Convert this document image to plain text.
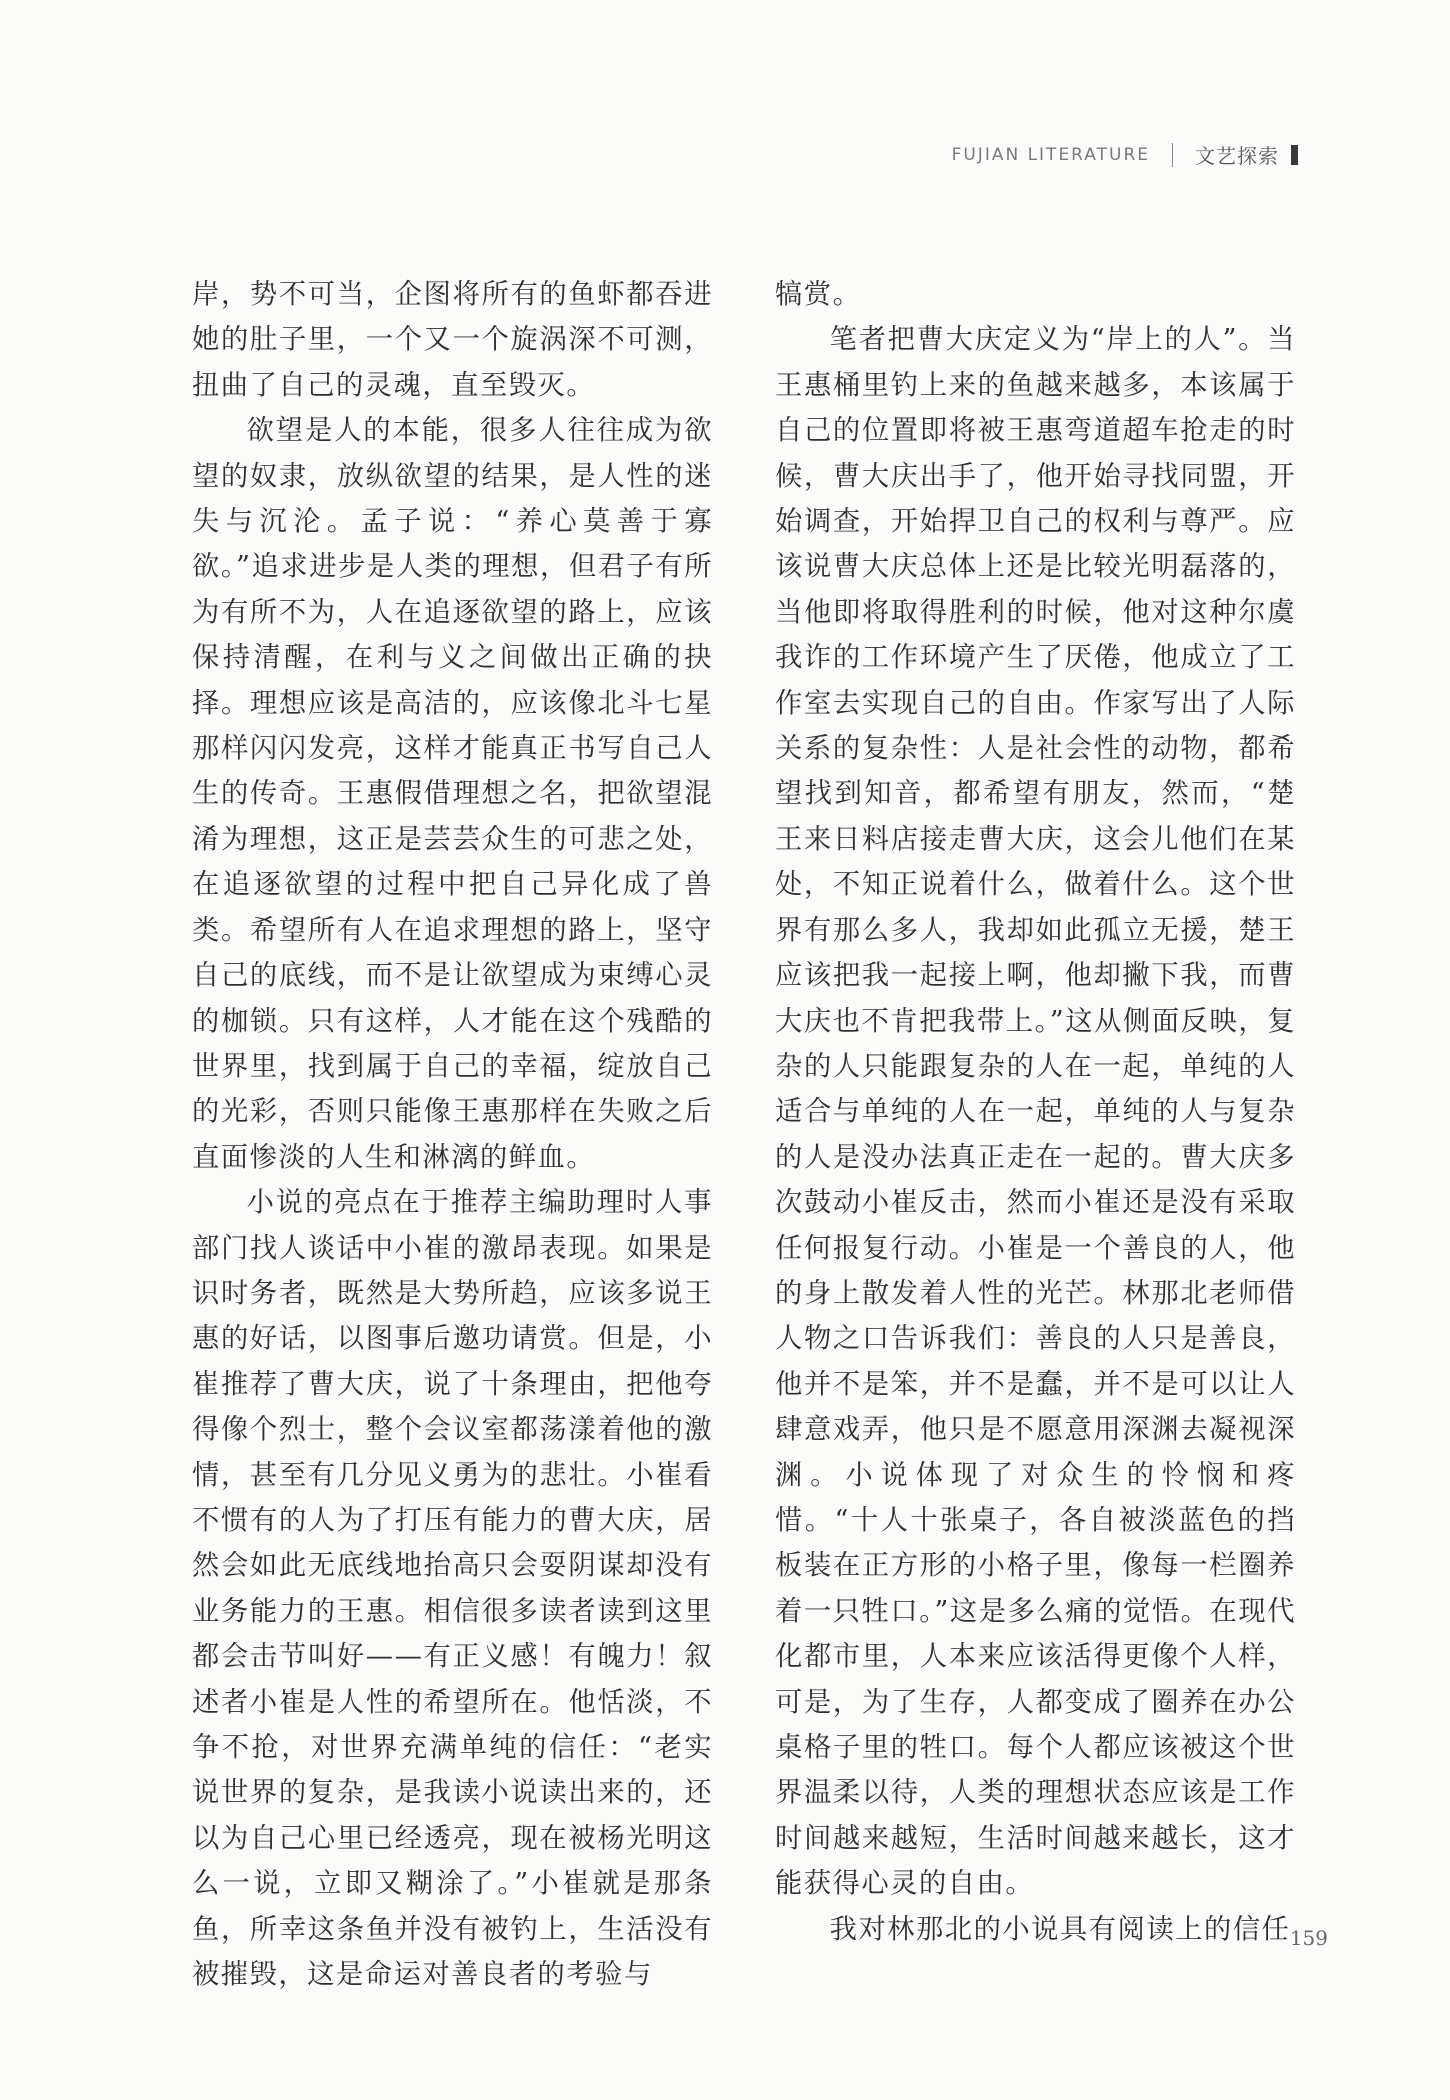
FUJIAN LITERATURE 文艺探索

岸，势不可当，企图将所有的鱼虾都吞进她的肚子里，一个又一个旋涡深不可测，扭曲了自己的灵魂，直至毁灭。

欲望是人的本能，很多人往往成为欲望的奴隶，放纵欲望的结果，是人性的迷失与沉沦。孟子说：“养心莫善于寡欲。”追求进步是人类的理想，但君子有所为有所不为，人在追逐欲望的路上，应该保持清醒，在利与义之间做出正确的抉择。理想应该是高洁的，应该像北斗七星那样闪闪发亮，这样才能真正书写自己人生的传奇。王惠假借理想之名，把欲望混淆为理想，这正是芸芸众生的可悲之处，在追逐欲望的过程中把自己异化成了兽类。希望所有人在追求理想的路上，坚守自己的底线，而不是让欲望成为束缚心灵的枷锁。只有这样，人才能在这个残酷的世界里，找到属于自己的幸福，绽放自己的光彩，否则只能像王惠那样在失败之后直面惨淡的人生和淋漓的鲜血。

小说的亮点在于推荐主编助理时人事部门找人谈话中小崔的激昂表现。如果是识时务者，既然是大势所趋，应该多说王惠的好话，以图事后邀功请赏。但是，小崔推荐了曹大庆，说了十条理由，把他夸得像个烈士，整个会议室都荡漾着他的激情，甚至有几分见义勇为的悲壮。小崔看不惯有的人为了打压有能力的曹大庆，居然会如此无底线地抬高只会耍阴谋却没有业务能力的王惠。相信很多读者读到这里都会击节叫好——有正义感！有魄力！叙述者小崔是人性的希望所在。他恬淡，不争不抢，对世界充满单纯的信任：“老实说世界的复杂，是我读小说读出来的，还以为自己心里已经透亮，现在被杨光明这么一说，立即又糊涂了。”小崔就是那条鱼，所幸这条鱼并没有被钓上，生活没有被摧毁，这是命运对善良者的考验与

犒赏。

笔者把曹大庆定义为“岸上的人”。当王惠桶里钓上来的鱼越来越多，本该属于自己的位置即将被王惠弯道超车抢走的时候，曹大庆出手了，他开始寻找同盟，开始调查，开始捍卫自己的权利与尊严。应该说曹大庆总体上还是比较光明磊落的，当他即将取得胜利的时候，他对这种尔虞我诈的工作环境产生了厌倦，他成立了工作室去实现自己的自由。作家写出了人际关系的复杂性：人是社会性的动物，都希望找到知音，都希望有朋友，然而，“楚王来日料店接走曹大庆，这会儿他们在某处，不知正说着什么，做着什么。这个世界有那么多人，我却如此孤立无援，楚王应该把我一起接上啊，他却撇下我，而曹大庆也不肯把我带上。”这从侧面反映，复杂的人只能跟复杂的人在一起，单纯的人适合与单纯的人在一起，单纯的人与复杂的人是没办法真正走在一起的。曹大庆多次鼓动小崔反击，然而小崔还是没有采取任何报复行动。小崔是一个善良的人，他的身上散发着人性的光芒。林那北老师借人物之口告诉我们：善良的人只是善良，他并不是笨，并不是蠢，并不是可以让人肆意戏弄，他只是不愿意用深渊去凝视深渊。小说体现了对众生的怜悯和疼惜。“十人十张桌子，各自被淡蓝色的挡板装在正方形的小格子里，像每一栏圈养着一只牲口。”这是多么痛的觉悟。在现代化都市里，人本来应该活得更像个人样，可是，为了生存，人都变成了圈养在办公桌格子里的牲口。每个人都应该被这个世界温柔以待，人类的理想状态应该是工作时间越来越短，生活时间越来越长，这才能获得心灵的自由。

我对林那北的小说具有阅读上的信任 159
